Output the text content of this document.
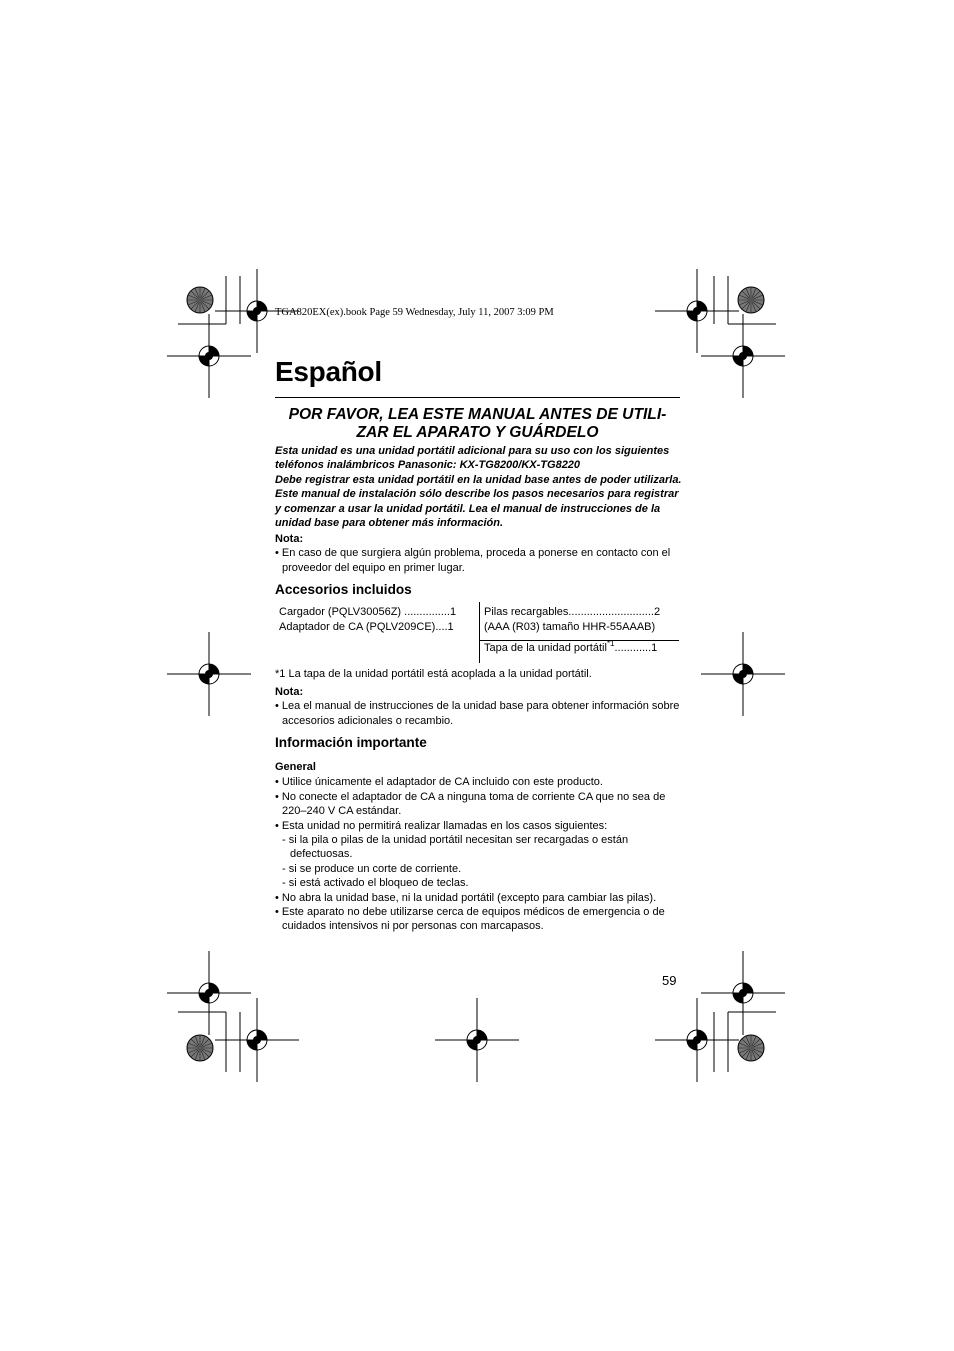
TGA820EX(ex).book Page 59 Wednesday, July 11, 2007 3:09 PM
Español
POR FAVOR, LEA ESTE MANUAL ANTES DE UTILI-
ZAR EL APARATO Y GUÁRDELO

Esta unidad es una unidad portátil adicional para su uso con los siguientes teléfonos inalámbricos Panasonic: KX-TG8200/KX-TG8220

Debe registrar esta unidad portátil en la unidad base antes de poder utilizarla. Este manual de instalación sólo describe los pasos necesarios para registrar y comenzar a usar la unidad portátil. Lea el manual de instrucciones de la unidad base para obtener más información.

Nota:
• En caso de que surgiera algún problema, proceda a ponerse en contacto con el proveedor del equipo en primer lugar.
Accesorios incluidos
Cargador (PQLV30056Z) ...............1
Adaptador de CA (PQLV209CE)....1
Pilas recargables............................2
(AAA (R03) tamaño HHR-55AAAB)
Tapa de la unidad portátil$^{*1}$............1
*1 La tapa de la unidad portátil está acoplada a la unidad portátil.
Nota:
• Lea el manual de instrucciones de la unidad base para obtener información sobre accesorios adicionales o recambio.
Información importante
General
• Utilice únicamente el adaptador de CA incluido con este producto.
• No conecte el adaptador de CA a ninguna toma de corriente CA que no sea de 220–240 V CA estándar.
• Esta unidad no permitirá realizar llamadas en los casos siguientes:
- si la pila o pilas de la unidad portátil necesitan ser recargadas o están defectuosas.
- si se produce un corte de corriente.
- si está activado el bloqueo de teclas.
• No abra la unidad base, ni la unidad portátil (excepto para cambiar las pilas).
• Este aparato no debe utilizarse cerca de equipos médicos de emergencia o de cuidados intensivos ni por personas con marcapasos.
59
